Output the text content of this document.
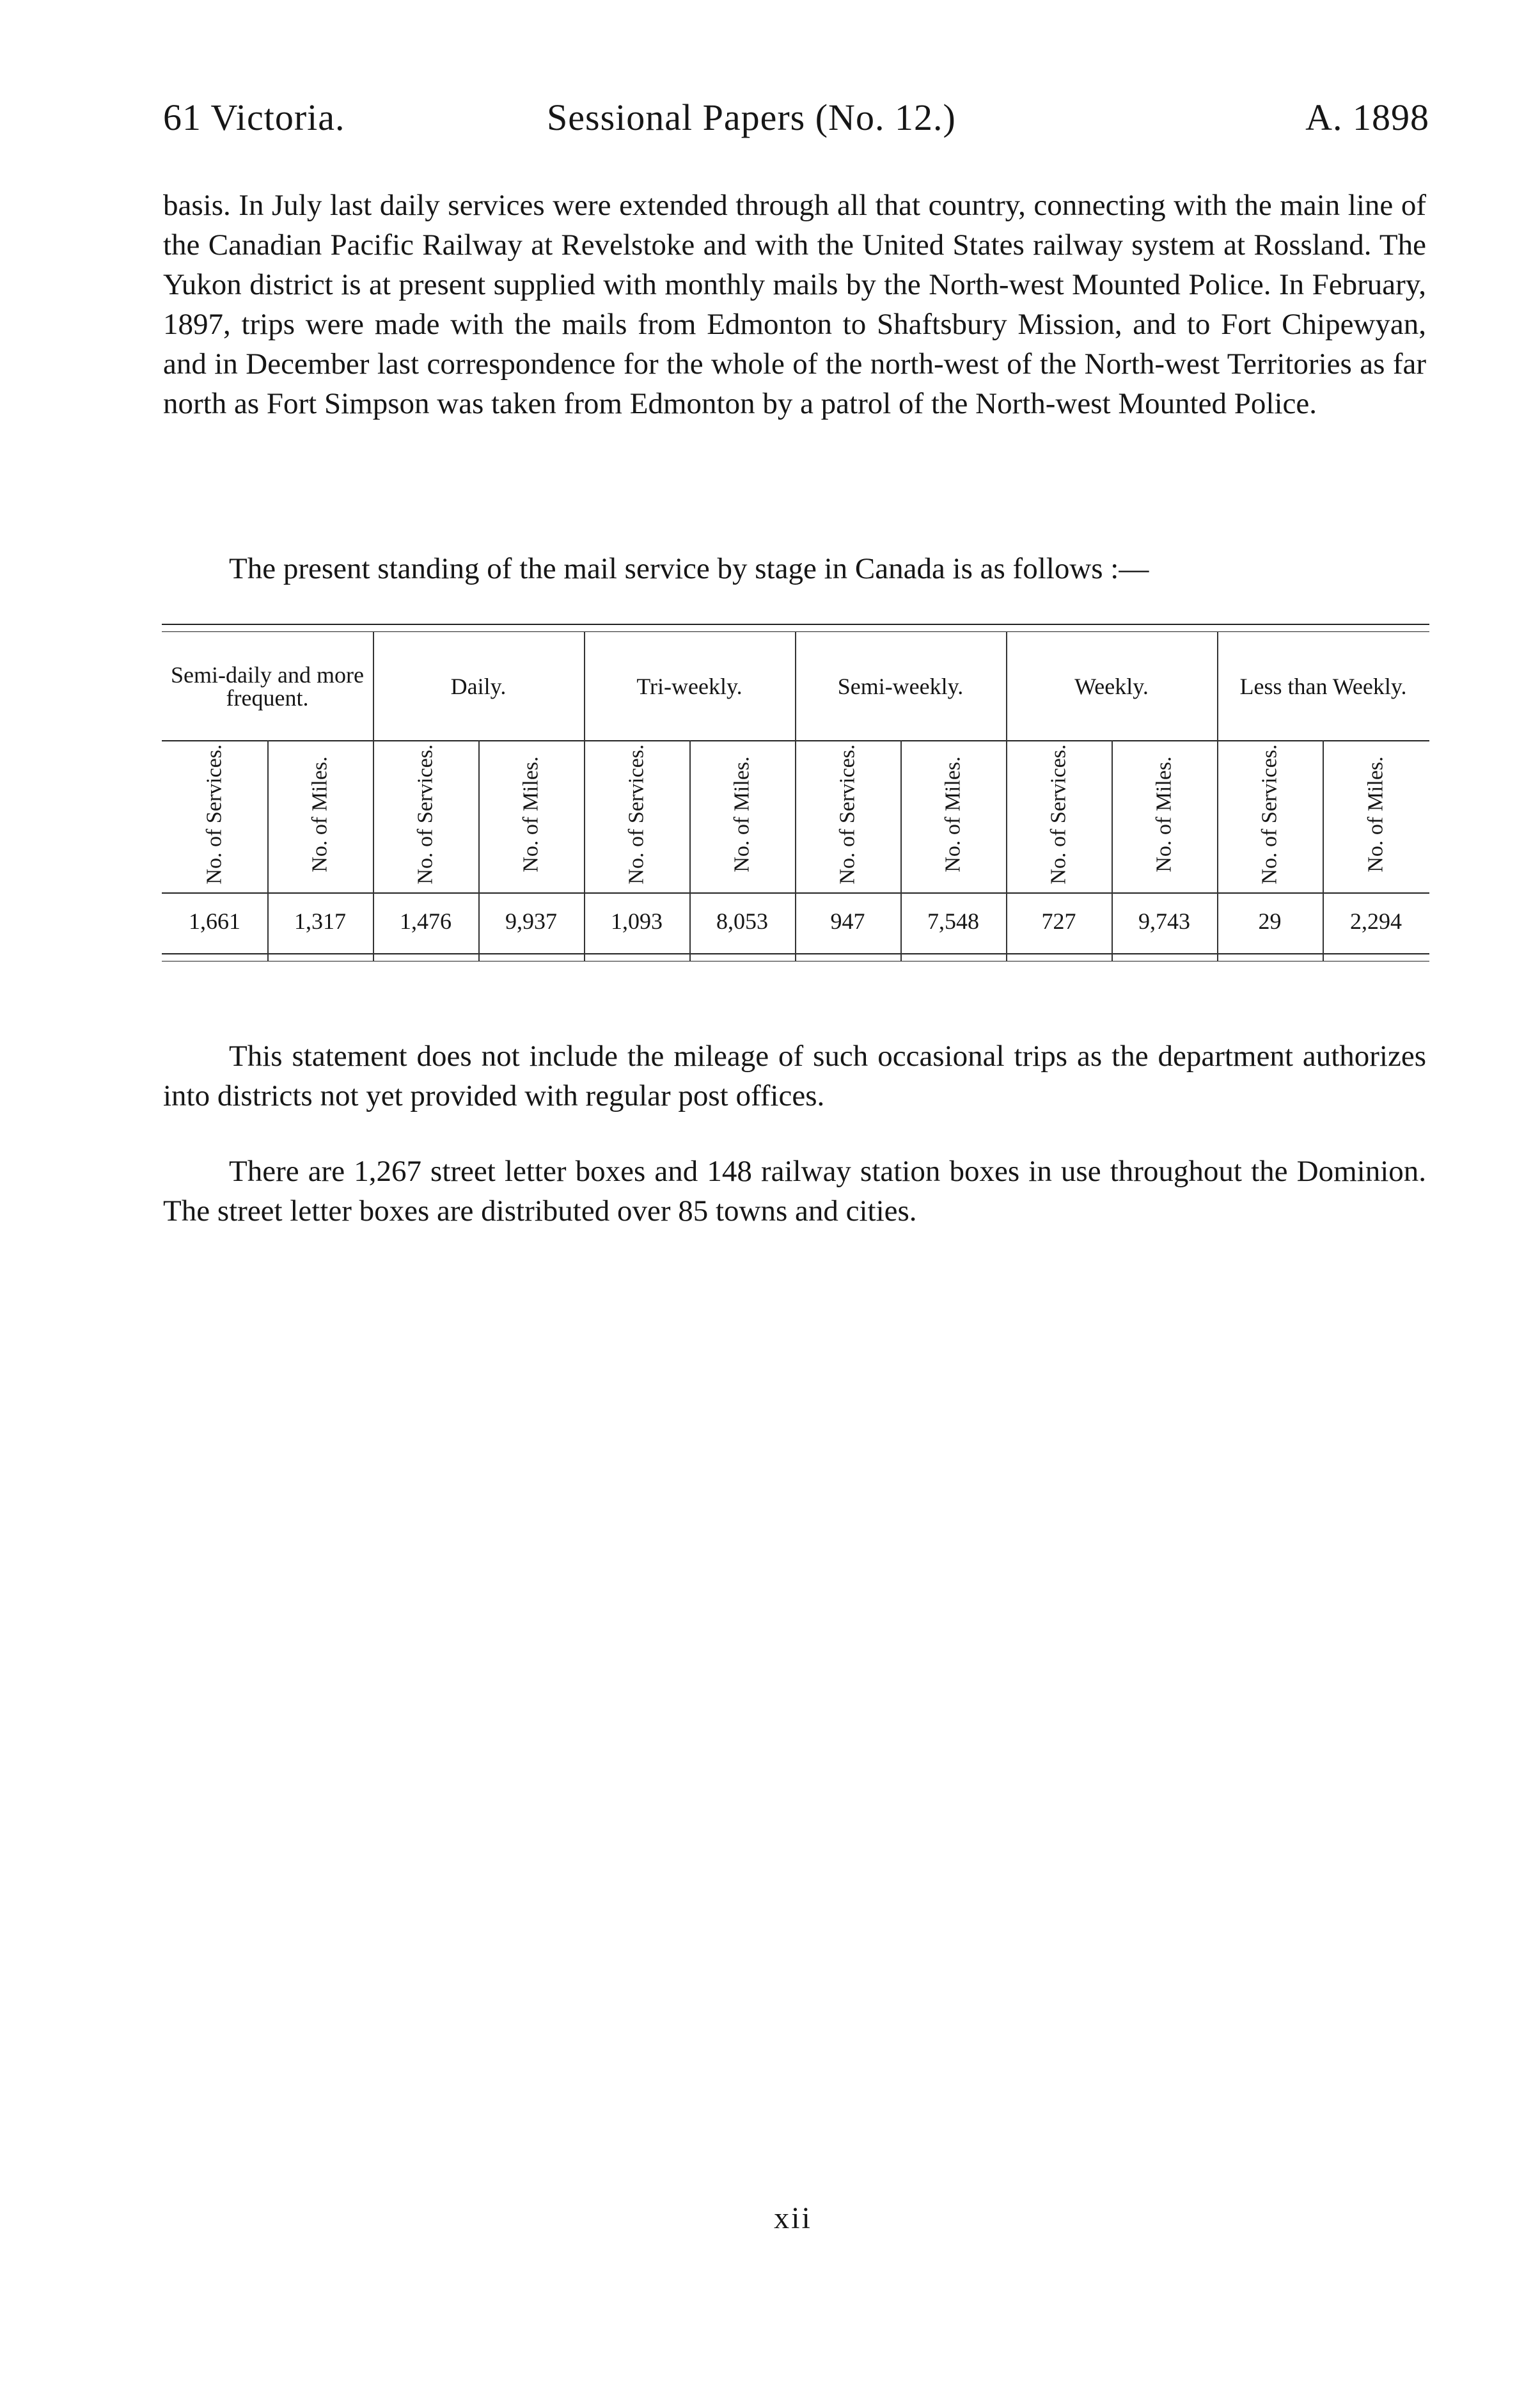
61 Victoria.	Sessional Papers (No. 12.)	A. 1898

basis. In July last daily services were extended through all that country, connecting with the main line of the Canadian Pacific Railway at Revelstoke and with the United States railway system at Rossland. The Yukon district is at present supplied with monthly mails by the North-west Mounted Police. In February, 1897, trips were made with the mails from Edmonton to Shaftsbury Mission, and to Fort Chipewyan, and in December last correspondence for the whole of the north-west of the North-west Territories as far north as Fort Simpson was taken from Edmonton by a patrol of the North-west Mounted Police.

The present standing of the mail service by stage in Canada is as follows :—

Semi-daily and more frequent.	Daily.	Tri-weekly.	Semi-weekly.	Weekly.	Less than Weekly.
No. of Services.	No. of Miles.	No. of Services.	No. of Miles.	No. of Services.	No. of Miles.	No. of Services.	No. of Miles.	No. of Services.	No. of Miles.	No. of Services.	No. of Miles.
1,661	1,317	1,476	9,937	1,093	8,053	947	7,548	727	9,743	29	2,294

This statement does not include the mileage of such occasional trips as the department authorizes into districts not yet provided with regular post offices.

There are 1,267 street letter boxes and 148 railway station boxes in use throughout the Dominion. The street letter boxes are distributed over 85 towns and cities.

xii
